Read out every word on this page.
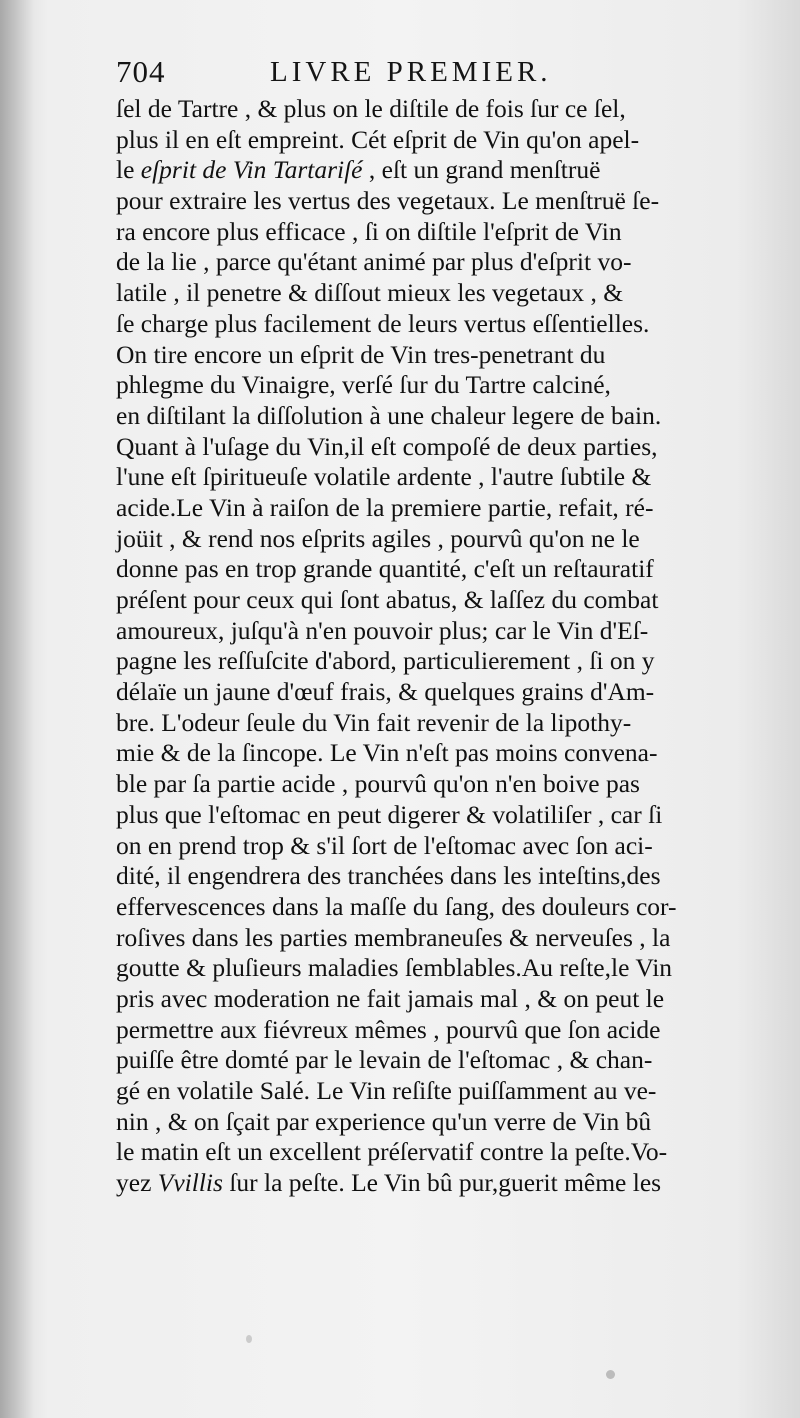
704	LIVRE PREMIER.
ſel de Tartre , & plus on le diſtile de fois ſur ce ſel,
plus il en eſt empreint. Cét eſprit de Vin qu'on apel-
le eſprit de Vin Tartariſé , eſt un grand menſtruë
pour extraire les vertus des vegetaux. Le menſtruë ſe-
ra encore plus efficace , ſi on diſtile l'eſprit de Vin
de la lie , parce qu'étant animé par plus d'eſprit vo-
latile , il penetre & diſſout mieux les vegetaux , &
ſe charge plus facilement de leurs vertus eſſentielles.
On tire encore un eſprit de Vin tres-penetrant du
phlegme du Vinaigre, verſé ſur du Tartre calciné,
en diſtilant la diſſolution à une chaleur legere de bain.
Quant à l'uſage du Vin,il eſt compoſé de deux parties,
l'une eſt ſpiritueuſe volatile ardente , l'autre ſubtile &
acide.Le Vin à raiſon de la premiere partie, refait, ré-
joüit , & rend nos eſprits agiles , pourvû qu'on ne le
donne pas en trop grande quantité, c'eſt un reſtauratif
préſent pour ceux qui ſont abatus, & laſſez du combat
amoureux, juſqu'à n'en pouvoir plus; car le Vin d'Eſ-
pagne les reſſuſcite d'abord, particulierement , ſi on y
délaïe un jaune d'œuf frais, & quelques grains d'Am-
bre. L'odeur ſeule du Vin fait revenir de la lipothy-
mie & de la ſincope. Le Vin n'eſt pas moins convena-
ble par ſa partie acide , pourvû qu'on n'en boive pas
plus que l'eſtomac en peut digerer & volatiliſer , car ſi
on en prend trop & s'il ſort de l'eſtomac avec ſon aci-
dité, il engendrera des tranchées dans les inteſtins,des
effervescences dans la maſſe du ſang, des douleurs cor-
roſives dans les parties membraneuſes & nerveuſes , la
goutte & pluſieurs maladies ſemblables.Au reſte,le Vin
pris avec moderation ne fait jamais mal , & on peut le
permettre aux fiévreux mêmes , pourvû que ſon acide
puiſſe être domté par le levain de l'eſtomac , & chan-
gé en volatile Salé. Le Vin reſiſte puiſſamment au ve-
nin , & on ſçait par experience qu'un verre de Vin bû
le matin eſt un excellent préſervatif contre la peſte.Vo-
yez Vvillis ſur la peſte. Le Vin bû pur,guerit même les
